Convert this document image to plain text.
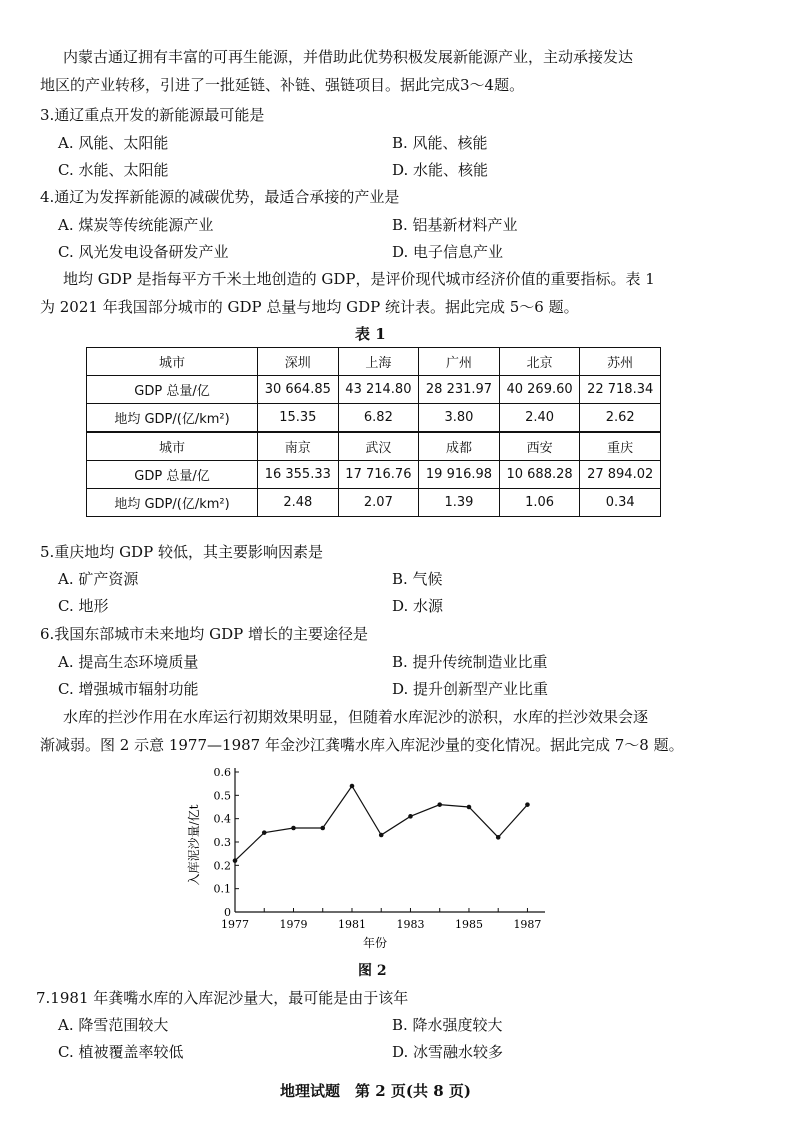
内蒙古通辽拥有丰富的可再生能源，并借助此优势积极发展新能源产业，主动承接发达
地区的产业转移，引进了一批延链、补链、强链项目。据此完成3～4题。
3.通辽重点开发的新能源最可能是
A. 风能、太阳能	B. 风能、核能
C. 水能、太阳能	D. 水能、核能
4.通辽为发挥新能源的减碳优势，最适合承接的产业是
A. 煤炭等传统能源产业	B. 铝基新材料产业
C. 风光发电设备研发产业	D. 电子信息产业
地均 GDP 是指每平方千米土地创造的 GDP，是评价现代城市经济价值的重要指标。表 1
为 2021 年我国部分城市的 GDP 总量与地均 GDP 统计表。据此完成 5～6 题。
表 1
城市	深圳	上海	广州	北京	苏州
GDP 总量/亿	30 664.85	43 214.80	28 231.97	40 269.60	22 718.34
地均 GDP/(亿/km²)	15.35	6.82	3.80	2.40	2.62
城市	南京	武汉	成都	西安	重庆
GDP 总量/亿	16 355.33	17 716.76	19 916.98	10 688.28	27 894.02
地均 GDP/(亿/km²)	2.48	2.07	1.39	1.06	0.34
5.重庆地均 GDP 较低，其主要影响因素是
A. 矿产资源	B. 气候
C. 地形	D. 水源
6.我国东部城市未来地均 GDP 增长的主要途径是
A. 提高生态环境质量	B. 提升传统制造业比重
C. 增强城市辐射功能	D. 提升创新型产业比重
水库的拦沙作用在水库运行初期效果明显，但随着水库泥沙的淤积，水库的拦沙效果会逐
渐减弱。图 2 示意 1977—1987 年金沙江龚嘴水库入库泥沙量的变化情况。据此完成 7～8 题。
0
0.1
0.2
0.3
0.4
0.5
0.6
1977	1979	1981	1983	1985	1987
入库泥沙量/亿t
年份
图 2
7.1981 年龚嘴水库的入库泥沙量大，最可能是由于该年
A. 降雪范围较大	B. 降水强度较大
C. 植被覆盖率较低	D. 冰雪融水较多
地理试题　第 2 页(共 8 页)
